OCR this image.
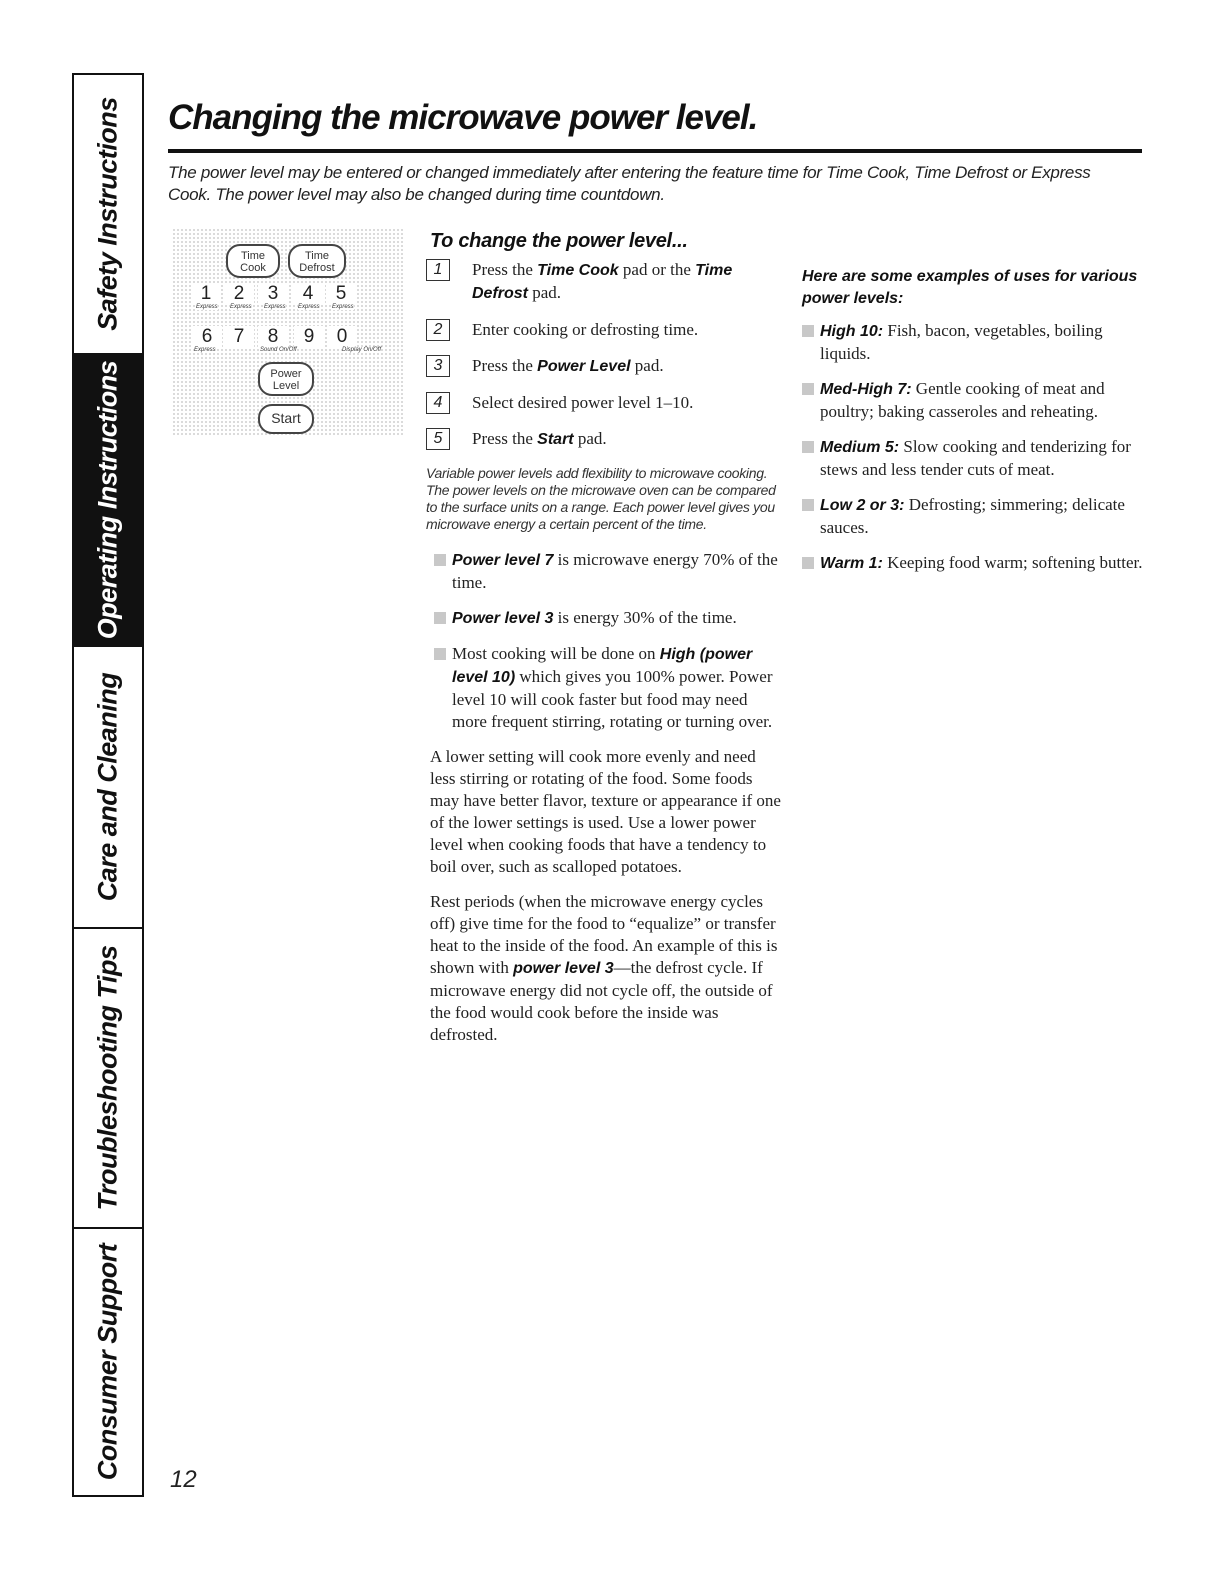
Safety Instructions
Operating Instructions
Care and Cleaning
Troubleshooting Tips
Consumer Support
Changing the microwave power level.

The power level may be entered or changed immediately after entering the feature time for Time Cook, Time Defrost or Express Cook. The power level may also be changed during time countdown.

Time
Cook
Time
Defrost
1	2	3	4	5
Express Express Express Express Express
6	7	8	9	0
Express	Sound On/Off	Display On/Off
Power
Level
Start
To change the power level...
1	Press the Time Cook pad or the Time Defrost pad.
2	Enter cooking or defrosting time.
3	Press the Power Level pad.
4	Select desired power level 1–10.
5	Press the Start pad.

Variable power levels add flexibility to microwave cooking. The power levels on the microwave oven can be compared to the surface units on a range. Each power level gives you microwave energy a certain percent of the time.

Power level 7 is microwave energy 70% of the time.
Power level 3 is energy 30% of the time.
Most cooking will be done on High (power level 10) which gives you 100% power. Power level 10 will cook faster but food may need more frequent stirring, rotating or turning over.

A lower setting will cook more evenly and need less stirring or rotating of the food. Some foods may have better flavor, texture or appearance if one of the lower settings is used. Use a lower power level when cooking foods that have a tendency to boil over, such as scalloped potatoes.

Rest periods (when the microwave energy cycles off) give time for the food to “equalize” or transfer heat to the inside of the food. An example of this is shown with power level 3—the defrost cycle. If microwave energy did not cycle off, the outside of the food would cook before the inside was defrosted.

Here are some examples of uses for various power levels:

High 10: Fish, bacon, vegetables, boiling liquids.
Med-High 7: Gentle cooking of meat and poultry; baking casseroles and reheating.
Medium 5: Slow cooking and tenderizing for stews and less tender cuts of meat.
Low 2 or 3: Defrosting; simmering; delicate sauces.
Warm 1: Keeping food warm; softening butter.
12
